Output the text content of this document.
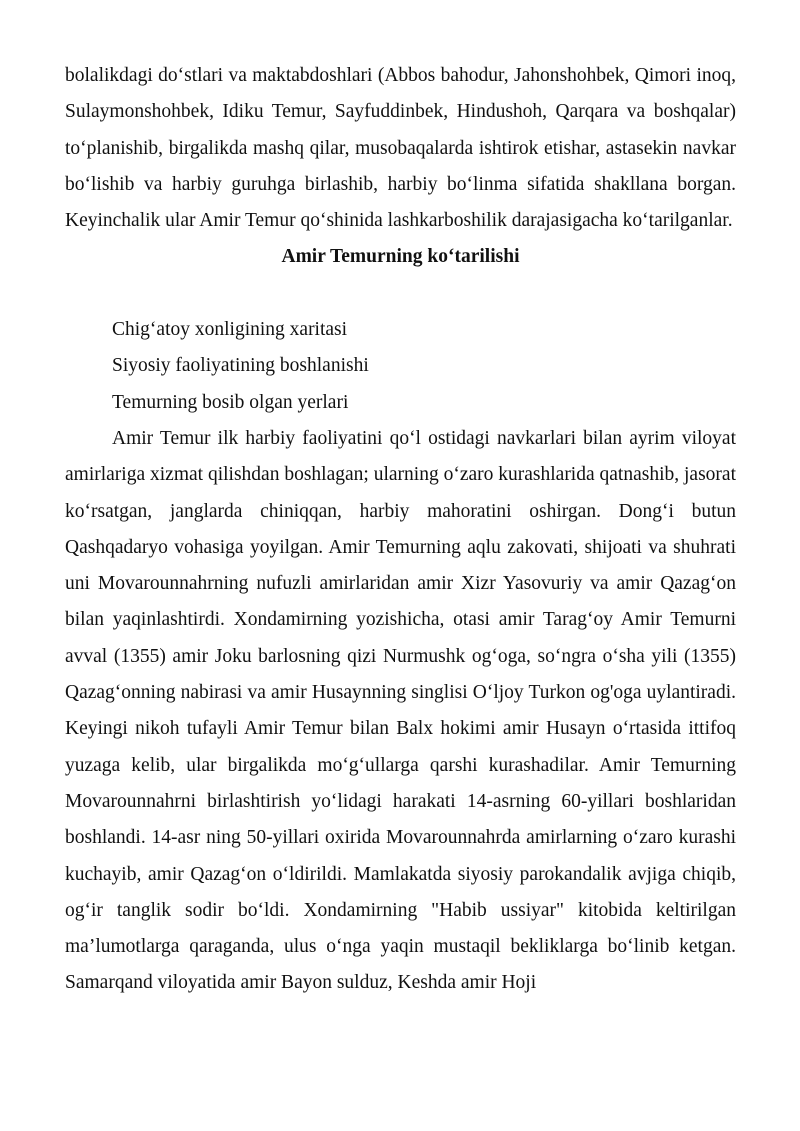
bolalikdagi do‘stlari va maktabdoshlari (Abbos bahodur, Jahonshohbek, Qimori inoq, Sulaymonshohbek, Idiku Temur, Sayfuddinbek, Hindushoh, Qarqara va boshqalar) to‘planishib, birgalikda mashq qilar, musobaqalarda ishtirok etishar, astasekin navkar bo‘lishib va harbiy guruhga birlashib, harbiy bo‘linma sifatida shakllana borgan. Keyinchalik ular Amir Temur qo‘shinida lashkarboshilik darajasigacha ko‘tarilganlar.

Amir Temurning ko‘tarilishi

Chig‘atoy xonligining xaritasi

Siyosiy faoliyatining boshlanishi

Temurning bosib olgan yerlari

Amir Temur ilk harbiy faoliyatini qo‘l ostidagi navkarlari bilan ayrim viloyat amirlariga xizmat qilishdan boshlagan; ularning o‘zaro kurashlarida qatnashib, jasorat ko‘rsatgan, janglarda chiniqqan, harbiy mahoratini oshirgan. Dong‘i butun Qashqadaryo vohasiga yoyilgan. Amir Temurning aqlu zakovati, shijoati va shuhrati uni Movarounnahrning nufuzli amirlaridan amir Xizr Yasovuriy va amir Qazag‘on bilan yaqinlashtirdi. Xondamirning yozishicha, otasi amir Tarag‘oy Amir Temurni avval (1355) amir Joku barlosning qizi Nurmushk og‘oga, so‘ngra o‘sha yili (1355) Qazag‘onning nabirasi va amir Husaynning singlisi O‘ljoy Turkon og'oga uylantiradi. Keyingi nikoh tufayli Amir Temur bilan Balx hokimi amir Husayn o‘rtasida ittifoq yuzaga kelib, ular birgalikda mo‘g‘ullarga qarshi kurashadilar. Amir Temurning Movarounnahrni birlashtirish yo‘lidagi harakati 14-asrning 60-yillari boshlaridan boshlandi. 14-asr ning 50-yillari oxirida Movarounnahrda amirlarning o‘zaro kurashi kuchayib, amir Qazag‘on o‘ldirildi. Mamlakatda siyosiy parokandalik avjiga chiqib, og‘ir tanglik sodir bo‘ldi. Xondamirning "Habib ussiyar" kitobida keltirilgan ma’lumotlarga qaraganda, ulus o‘nga yaqin mustaqil bekliklarga bo‘linib ketgan. Samarqand viloyatida amir Bayon sulduz, Keshda amir Hoji
